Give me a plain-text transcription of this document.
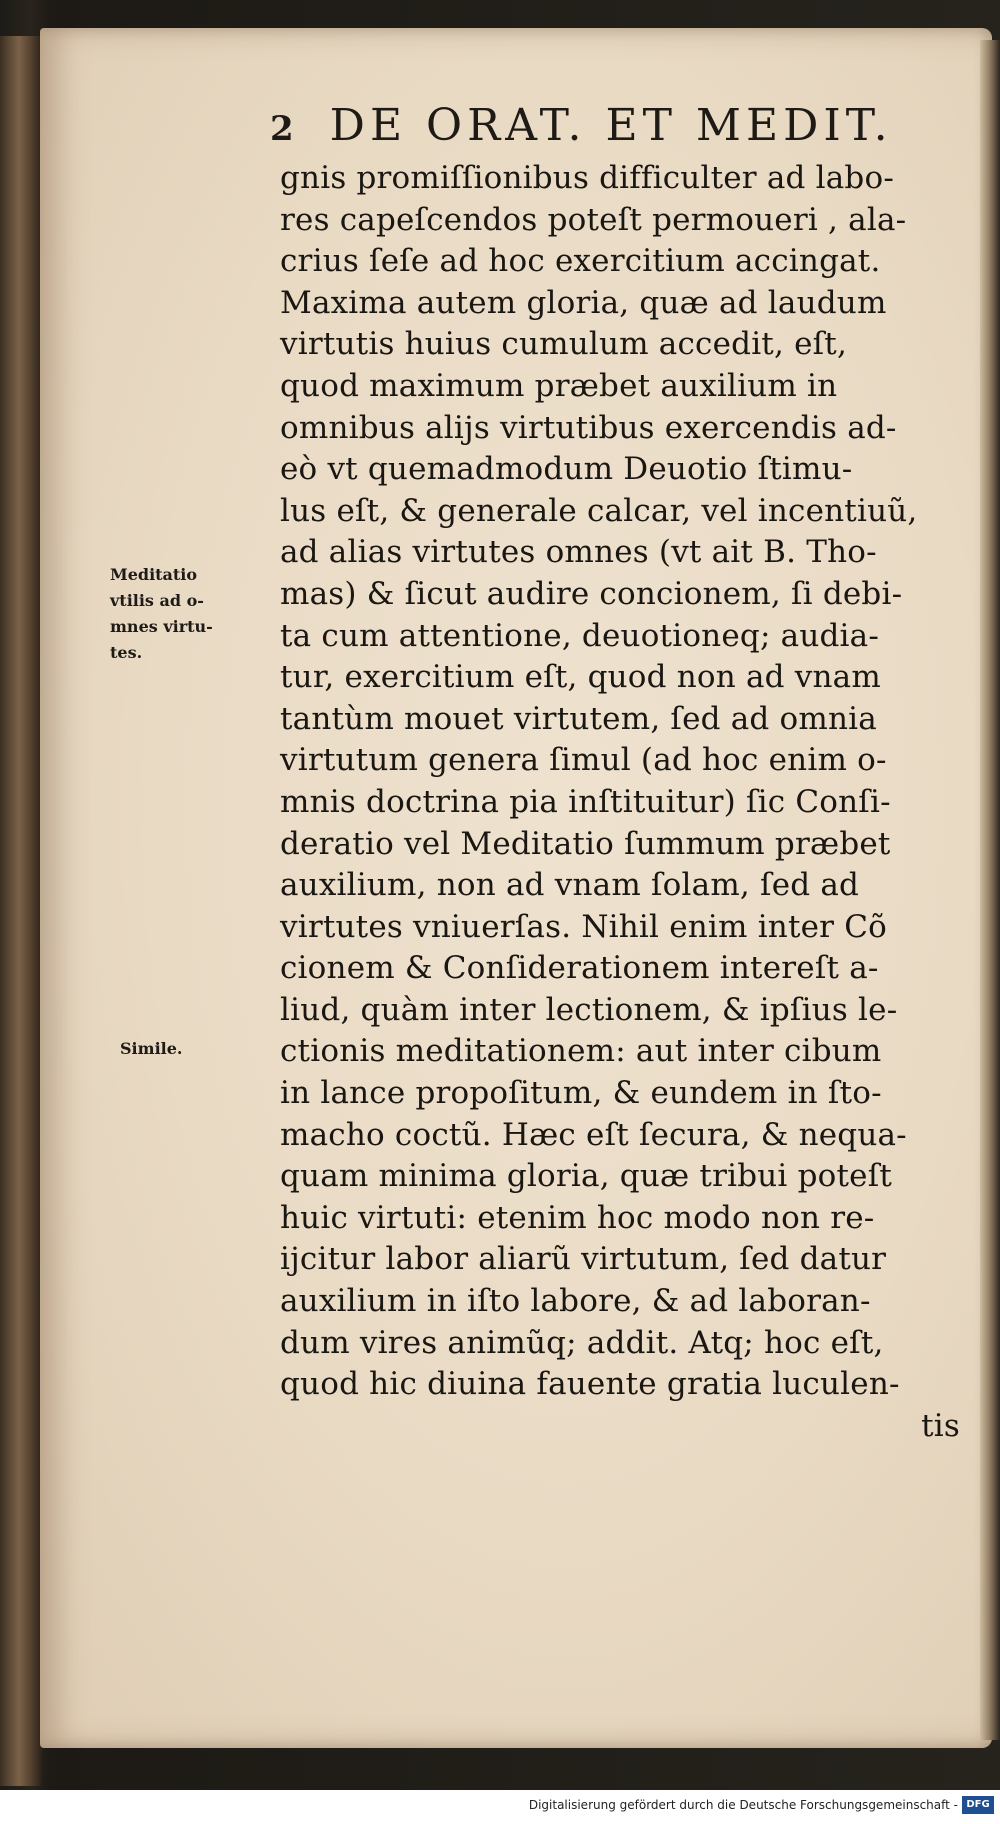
2 DE ORAT. ET MEDIT.
Meditatio
vtilis ad o-
mnes virtu-
tes.
Simile.
gnis promiſſionibus difficulter ad labo-
res capeſcendos poteſt permoueri , ala-
crius ſeſe ad hoc exercitium accingat.
Maxima autem gloria, quæ ad laudum
virtutis huius cumulum accedit, eſt,
quod maximum præbet auxilium in
omnibus alijs virtutibus exercendis ad-
eò vt quemadmodum Deuotio ſtimu-
lus eſt, & generale calcar, vel incentiuũ,
ad alias virtutes omnes (vt ait B. Tho-
mas) & ſicut audire concionem, ſi debi-
ta cum attentione, deuotioneq; audia-
tur, exercitium eſt, quod non ad vnam
tantùm mouet virtutem, ſed ad omnia
virtutum genera ſimul (ad hoc enim o-
mnis doctrina pia inſtituitur) ſic Conſi-
deratio vel Meditatio ſummum præbet
auxilium, non ad vnam ſolam, ſed ad
virtutes vniuerſas. Nihil enim inter Cõ
cionem & Conſiderationem intereſt a-
liud, quàm inter lectionem, & ipſius le-
ctionis meditationem: aut inter cibum
in lance propoſitum, & eundem in ſto-
macho coctũ. Hæc eſt ſecura, & nequa-
quam minima gloria, quæ tribui poteſt
huic virtuti: etenim hoc modo non re-
ijcitur labor aliarũ virtutum, ſed datur
auxilium in iſto labore, & ad laboran-
dum vires animũq; addit. Atq; hoc eſt,
quod hic diuina fauente gratia luculen-
tis
Digitalisierung gefördert durch die Deutsche Forschungsgemeinschaft - DFG
